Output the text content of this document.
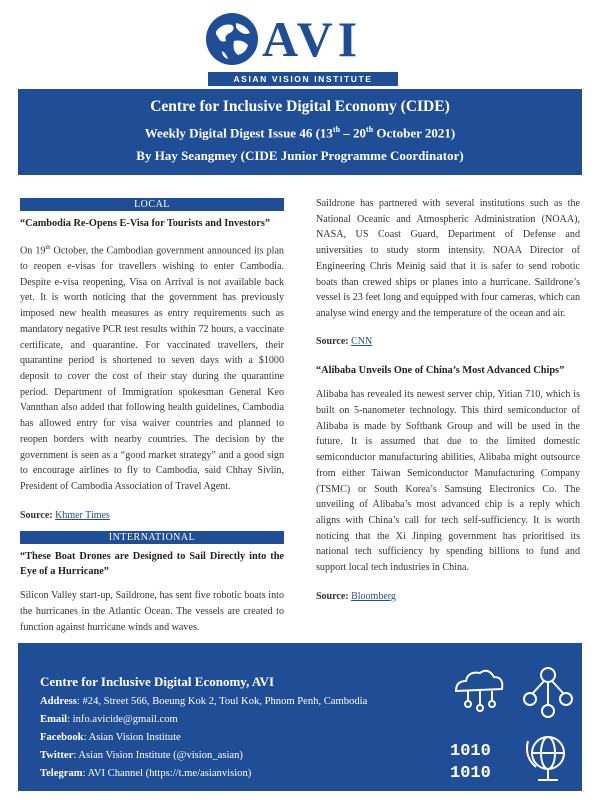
AVI
ASIAN VISION INSTITUTE
Centre for Inclusive Digital Economy (CIDE)
Weekly Digital Digest Issue 46 (13th – 20th October 2021)
By Hay Seangmey (CIDE Junior Programme Coordinator)
LOCAL
“Cambodia Re-Opens E-Visa for Tourists and Investors”
On 19th October, the Cambodian government announced its plan to reopen e-visas for travellers wishing to enter Cambodia. Despite e-visa reopening, Visa on Arrival is not available back yet. It is worth noticing that the government has previously imposed new health measures as entry requirements such as mandatory negative PCR test results within 72 hours, a vaccinate certificate, and quarantine. For vaccinated travellers, their quarantine period is shortened to seven days with a $1000 deposit to cover the cost of their stay during the quarantine period. Department of Immigration spokesman General Keo Vannthan also added that following health guidelines, Cambodia has allowed entry for visa waiver countries and planned to reopen borders with nearby countries. The decision by the government is seen as a “good market strategy” and a good sign to encourage airlines to fly to Cambodia, said Chhay Sivlin, President of Cambodia Association of Travel Agent.
Source: Khmer Times
INTERNATIONAL
“These Boat Drones are Designed to Sail Directly into the Eye of a Hurricane”
Silicon Valley start-up, Saildrone, has sent five robotic boats into the hurricanes in the Atlantic Ocean. The vessels are created to function against hurricane winds and waves.
Saildrone has partnered with several institutions such as the National Oceanic and Atmospheric Administration (NOAA), NASA, US Coast Guard, Department of Defense and universities to study storm intensity. NOAA Director of Engineering Chris Meinig said that it is safer to send robotic boats than crewed ships or planes into a hurricane. Saildrone’s vessel is 23 feet long and equipped with four cameras, which can analyse wind energy and the temperature of the ocean and air.
Source: CNN
“Alibaba Unveils One of China’s Most Advanced Chips”
Alibaba has revealed its newest server chip, Yitian 710, which is built on 5-nanometer technology. This third semiconductor of Alibaba is made by Softbank Group and will be used in the future. It is assumed that due to the limited domestic semiconductor manufacturing abilities, Alibaba might outsource from either Taiwan Semiconductor Manufacturing Company (TSMC) or South Korea’s Samsung Electronics Co. The unveiling of Alibaba’s most advanced chip is a reply which aligns with China’s call for tech self-sufficiency. It is worth noticing that the Xi Jinping government has prioritised its national tech sufficiency by spending billions to fund and support local tech industries in China.
Source: Bloomberg
Centre for Inclusive Digital Economy, AVI
Address: #24, Street 566, Boeung Kok 2, Toul Kok, Phnom Penh, Cambodia
Email: info.avicide@gmail.com
Facebook: Asian Vision Institute
Twitter: Asian Vision Institute (@vision_asian)
Telegram: AVI Channel (https://t.me/asianvision)
1010
1010
